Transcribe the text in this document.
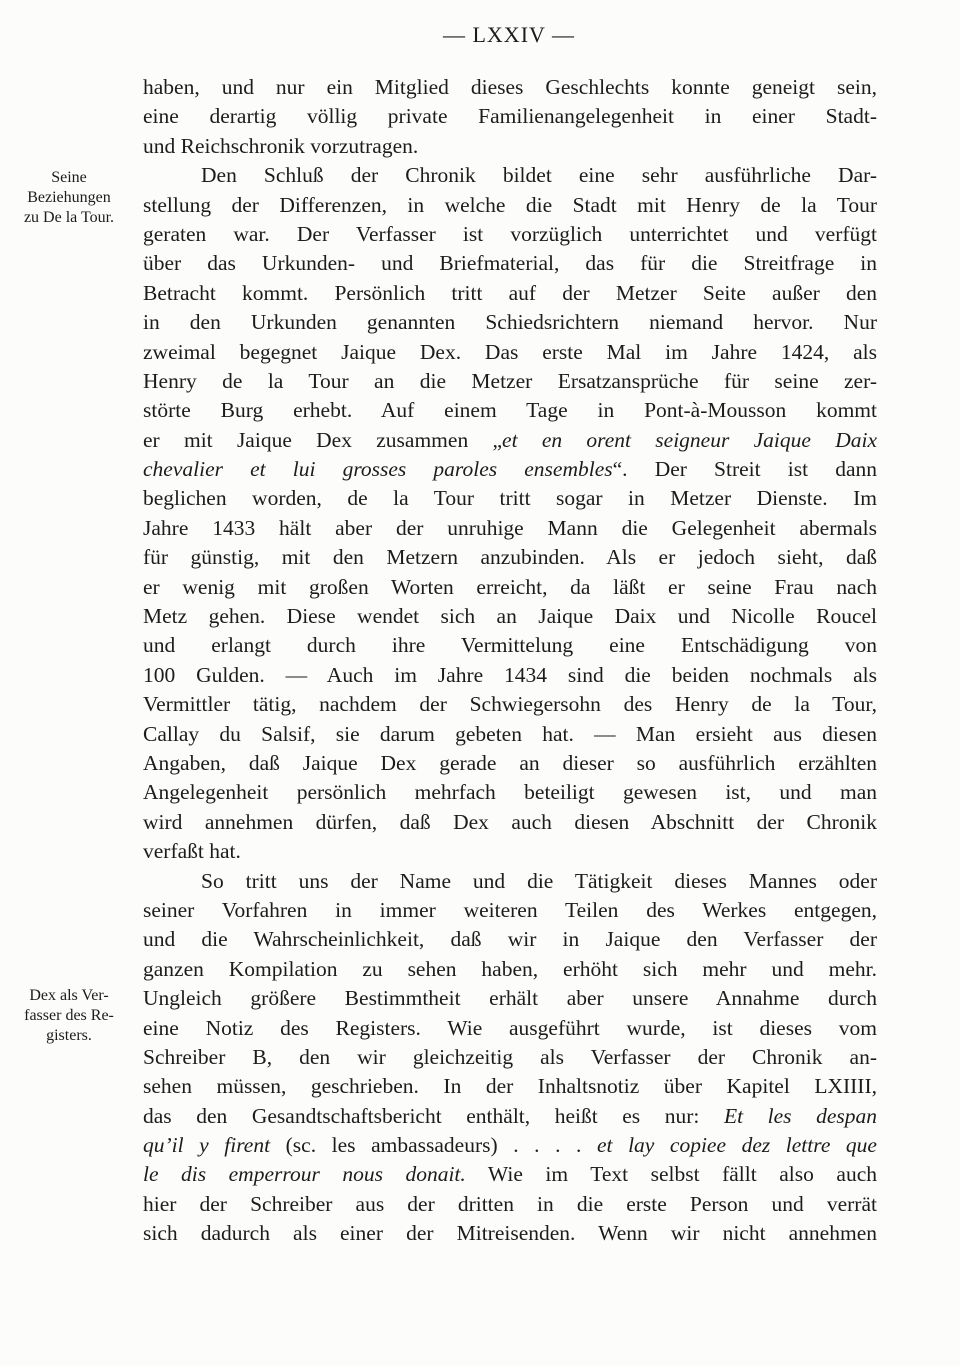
— LXXIV —
Seine
Beziehungen
zu De la Tour.
Dex als Ver-
fasser des Re-
gisters.
haben, und nur ein Mitglied dieses Geschlechts konnte geneigt sein,
eine derartig völlig private Familienangelegenheit in einer Stadt-
und Reichschronik vorzutragen.
Den Schluß der Chronik bildet eine sehr ausführliche Dar-
stellung der Differenzen, in welche die Stadt mit Henry de la Tour
geraten war. Der Verfasser ist vorzüglich unterrichtet und verfügt
über das Urkunden- und Briefmaterial, das für die Streitfrage in
Betracht kommt. Persönlich tritt auf der Metzer Seite außer den
in den Urkunden genannten Schiedsrichtern niemand hervor. Nur
zweimal begegnet Jaique Dex. Das erste Mal im Jahre 1424, als
Henry de la Tour an die Metzer Ersatzansprüche für seine zer-
störte Burg erhebt. Auf einem Tage in Pont-à-Mousson kommt
er mit Jaique Dex zusammen „et en orent seigneur Jaique Daix
chevalier et lui grosses paroles ensembles“. Der Streit ist dann
beglichen worden, de la Tour tritt sogar in Metzer Dienste. Im
Jahre 1433 hält aber der unruhige Mann die Gelegenheit abermals
für günstig, mit den Metzern anzubinden. Als er jedoch sieht, daß
er wenig mit großen Worten erreicht, da läßt er seine Frau nach
Metz gehen. Diese wendet sich an Jaique Daix und Nicolle Roucel
und erlangt durch ihre Vermittelung eine Entschädigung von
100 Gulden. — Auch im Jahre 1434 sind die beiden nochmals als
Vermittler tätig, nachdem der Schwiegersohn des Henry de la Tour,
Callay du Salsif, sie darum gebeten hat. — Man ersieht aus diesen
Angaben, daß Jaique Dex gerade an dieser so ausführlich erzählten
Angelegenheit persönlich mehrfach beteiligt gewesen ist, und man
wird annehmen dürfen, daß Dex auch diesen Abschnitt der Chronik
verfaßt hat.
So tritt uns der Name und die Tätigkeit dieses Mannes oder
seiner Vorfahren in immer weiteren Teilen des Werkes entgegen,
und die Wahrscheinlichkeit, daß wir in Jaique den Verfasser der
ganzen Kompilation zu sehen haben, erhöht sich mehr und mehr.
Ungleich größere Bestimmtheit erhält aber unsere Annahme durch
eine Notiz des Registers. Wie ausgeführt wurde, ist dieses vom
Schreiber B, den wir gleichzeitig als Verfasser der Chronik an-
sehen müssen, geschrieben. In der Inhaltsnotiz über Kapitel LXIIII,
das den Gesandtschaftsbericht enthält, heißt es nur: Et les despan
qu’il y firent (sc. les ambassadeurs) . . . . et lay copiee dez lettre que
le dis emperrour nous donait. Wie im Text selbst fällt also auch
hier der Schreiber aus der dritten in die erste Person und verrät
sich dadurch als einer der Mitreisenden. Wenn wir nicht annehmen
